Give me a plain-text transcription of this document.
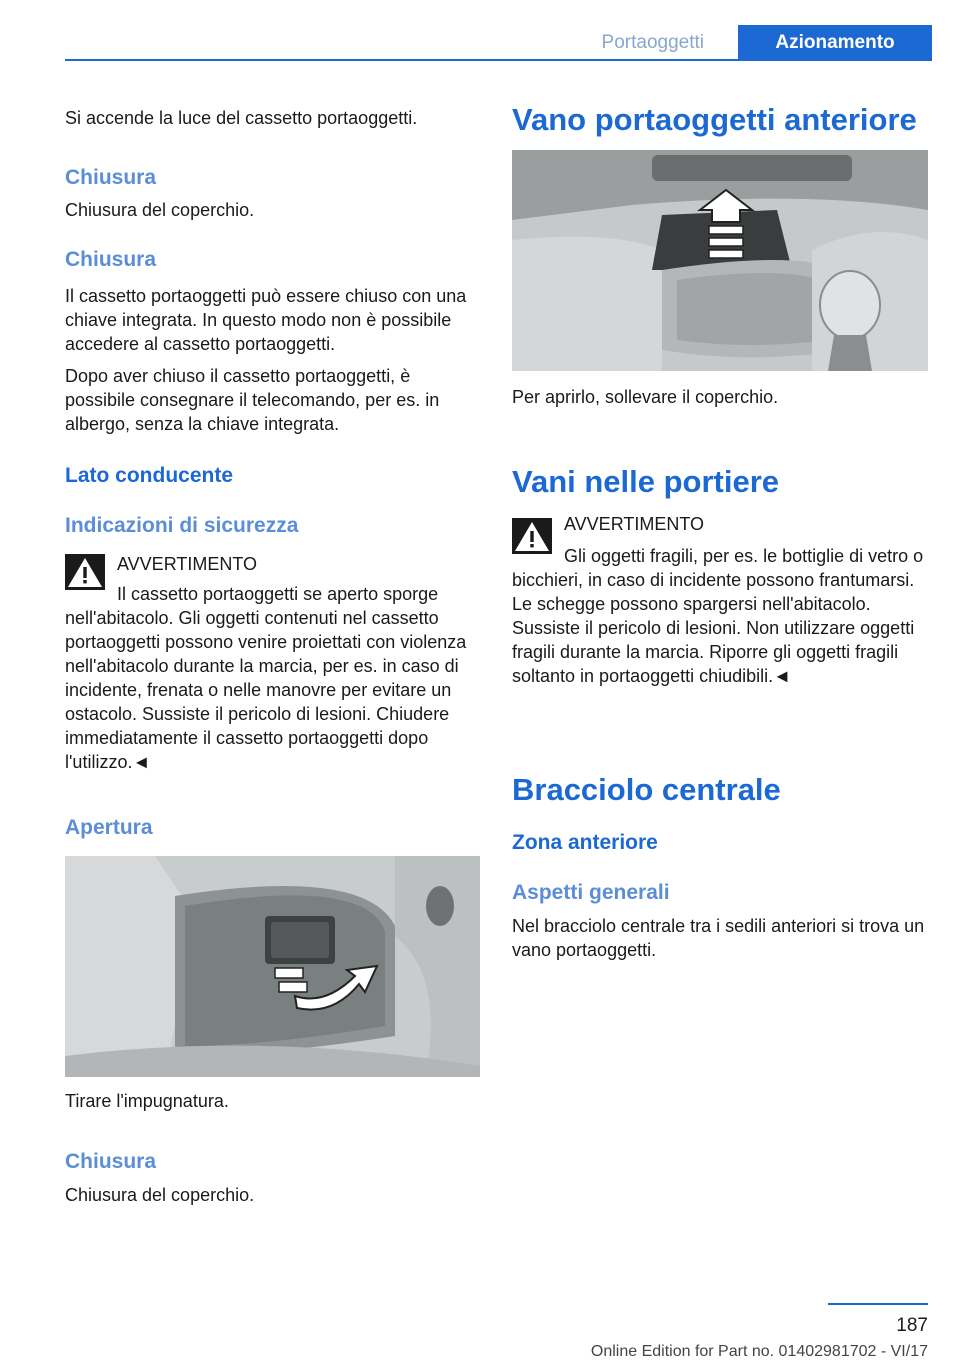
Portaoggetti	Azionamento

Si accende la luce del cassetto portaoggetti.

Chiusura

Chiusura del coperchio.

Chiusura

Il cassetto portaoggetti può essere chiuso con una chiave integrata. In questo modo non è possibile accedere al cassetto portaoggetti.

Dopo aver chiuso il cassetto portaoggetti, è possibile consegnare il telecomando, per es. in albergo, senza la chiave integrata.

Lato conducente
Indicazioni di sicurezza
AVVERTIMENTO

Il cassetto portaoggetti se aperto sporge nell'abitacolo. Gli oggetti contenuti nel cassetto portaoggetti possono venire proiettati con violenza nell'abitacolo durante la marcia, per es. in caso di incidente, frenata o nelle manovre per evitare un ostacolo. Sussiste il pericolo di lesioni. Chiudere immediatamente il cassetto portaoggetti dopo l'utilizzo.◄

Apertura

Tirare l'impugnatura.

Chiusura

Chiusura del coperchio.

Vano portaoggetti anteriore

Per aprirlo, sollevare il coperchio.

Vani nelle portiere
AVVERTIMENTO

Gli oggetti fragili, per es. le bottiglie di vetro o bicchieri, in caso di incidente possono frantumarsi. Le schegge possono spargersi nell'abitacolo. Sussiste il pericolo di lesioni. Non utilizzare oggetti fragili durante la marcia. Riporre gli oggetti fragili soltanto in portaoggetti chiudibili.◄

Bracciolo centrale
Zona anteriore
Aspetti generali

Nel bracciolo centrale tra i sedili anteriori si trova un vano portaoggetti.

187
Online Edition for Part no. 01402981702 - VI/17
